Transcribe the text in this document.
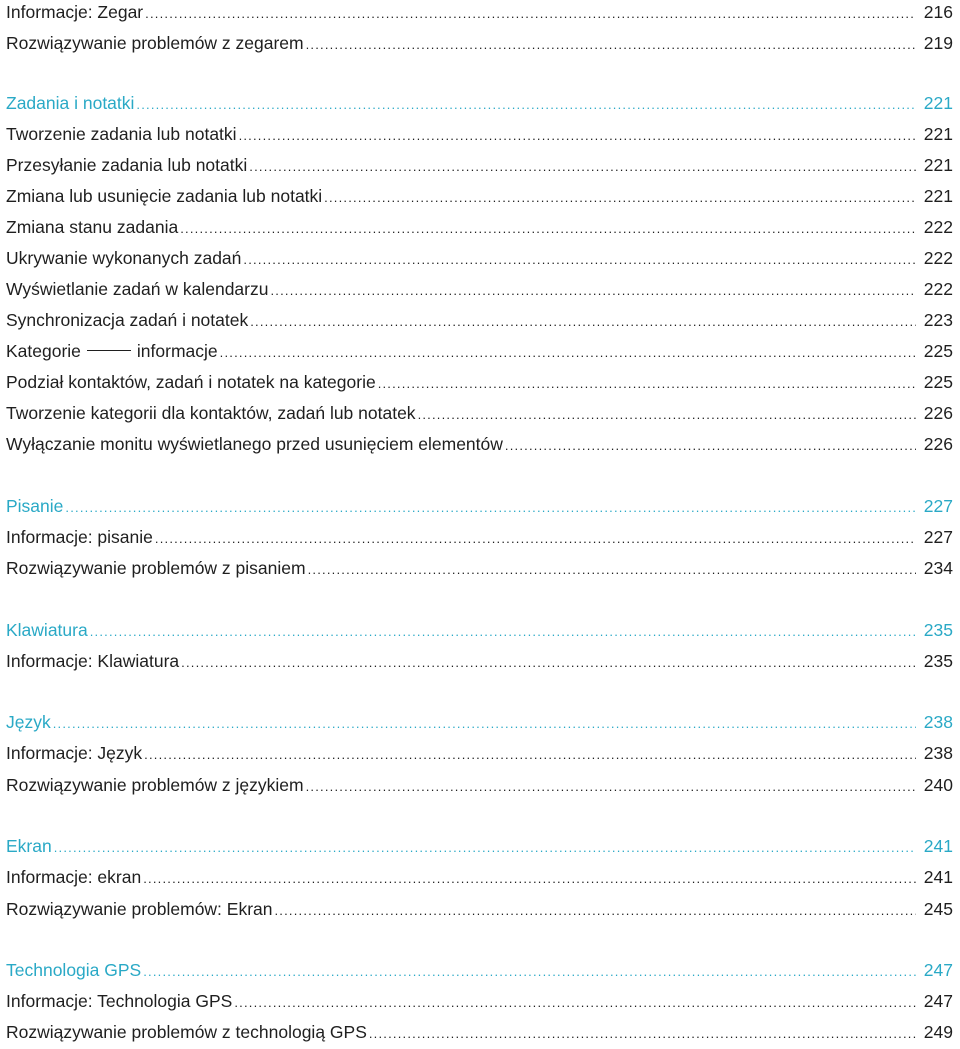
Informacje: Zegar .....	216
Rozwiązywanie problemów z zegarem .....	219
Zadania i notatki .....	221
Tworzenie zadania lub notatki .....	221
Przesyłanie zadania lub notatki .....	221
Zmiana lub usunięcie zadania lub notatki .....	221
Zmiana stanu zadania .....	222
Ukrywanie wykonanych zadań .....	222
Wyświetlanie zadań w kalendarzu .....	222
Synchronizacja zadań i notatek .....	223
Kategorie	informacje .....	225
Podział kontaktów, zadań i notatek na kategorie .....	225
Tworzenie kategorii dla kontaktów, zadań lub notatek .....	226
Wyłączanie monitu wyświetlanego przed usunięciem elementów .....	226
Pisanie .....	227
Informacje: pisanie .....	227
Rozwiązywanie problemów z pisaniem .....	234
Klawiatura .....	235
Informacje: Klawiatura .....	235
Język .....	238
Informacje: Język .....	238
Rozwiązywanie problemów z językiem .....	240
Ekran .....	241
Informacje: ekran .....	241
Rozwiązywanie problemów: Ekran .....	245
Technologia GPS .....	247
Informacje: Technologia GPS .....	247
Rozwiązywanie problemów z technologią GPS .....	249
